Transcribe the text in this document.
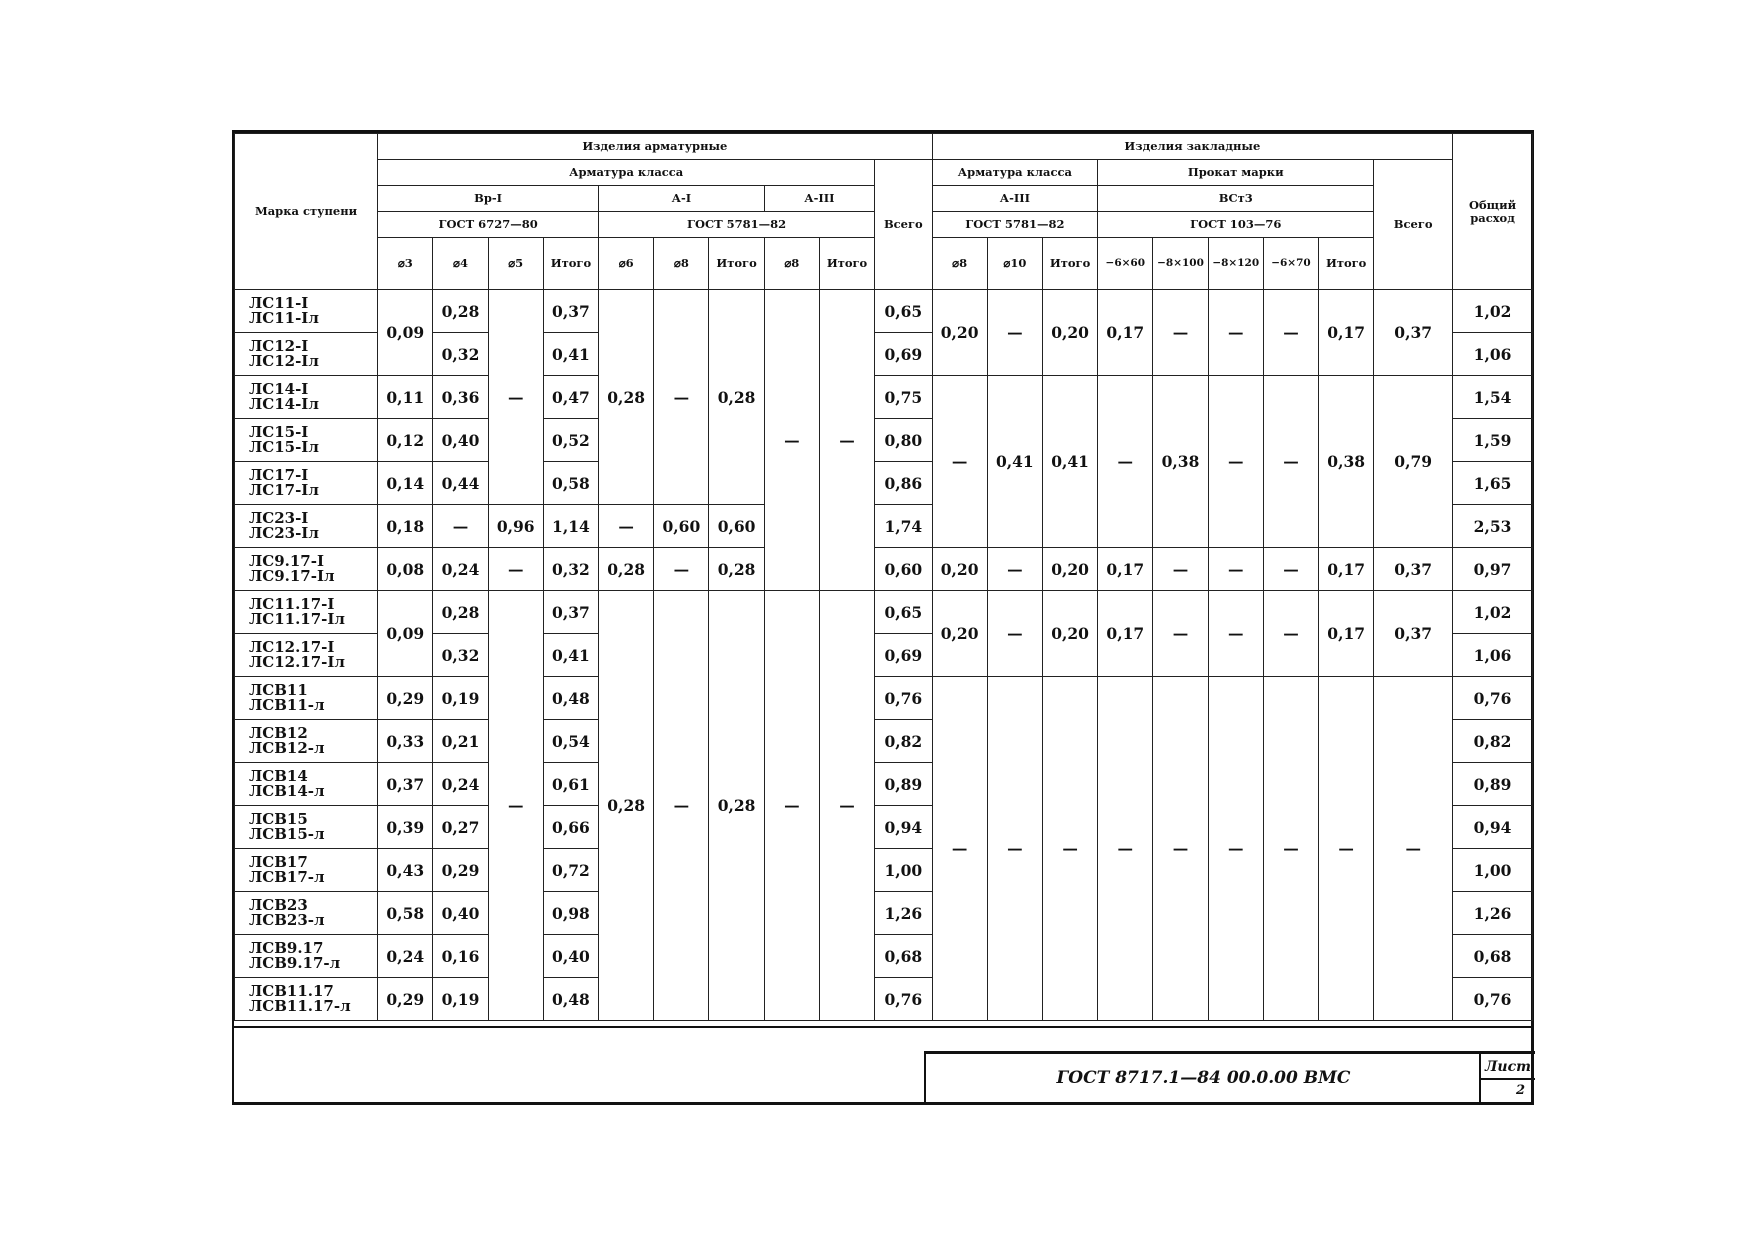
Марка ступени	Изделия арматурные										Изделия закладные									Общий расход
	Арматура класса									Всего	Арматура класса			Прокат марки					Всего	
	Вр-I				А-I			А-III			А-III			ВСт3						
	ГОСТ 6727—80				ГОСТ 5781—82						ГОСТ 5781—82			ГОСТ 103—76						
	⌀3	⌀4	⌀5	Итого	⌀6	⌀8	Итого	⌀8	Итого		⌀8	⌀10	Итого	−6×60	−8×100	−8×120	−6×70	Итого		

ЛС11-I
ЛС11-Iл	0,09	0,28	—	0,37	0,28	—	0,28	—	—	0,65	0,20	—	0,20	0,17	—	—	—	0,17	0,37	1,02

ЛС12-I
ЛС12-Iл		0,32		0,41						0,69										1,06

ЛС14-I
ЛС14-Iл	0,11	0,36		0,47						0,75	—	0,41	0,41	—	0,38	—	—	0,38	0,79	1,54

ЛС15-I
ЛС15-Iл	0,12	0,40		0,52						0,80										1,59

ЛС17-I
ЛС17-Iл	0,14	0,44		0,58						0,86										1,65

ЛС23-I
ЛС23-Iл	0,18	—	0,96	1,14	—	0,60	0,60			1,74										2,53

ЛС9.17-I
ЛС9.17-Iл	0,08	0,24	—	0,32	0,28	—	0,28			0,60	0,20	—	0,20	0,17	—	—	—	0,17	0,37	0,97

ЛС11.17-I
ЛС11.17-Iл	0,09	0,28	—	0,37	0,28	—	0,28	—	—	0,65	0,20	—	0,20	0,17	—	—	—	0,17	0,37	1,02

ЛС12.17-I
ЛС12.17-Iл		0,32		0,41						0,69										1,06

ЛСВ11
ЛСВ11-л	0,29	0,19		0,48						0,76	—	—	—	—	—	—	—	—	—	0,76

ЛСВ12
ЛСВ12-л	0,33	0,21		0,54						0,82										0,82

ЛСВ14
ЛСВ14-л	0,37	0,24		0,61						0,89										0,89

ЛСВ15
ЛСВ15-л	0,39	0,27		0,66						0,94										0,94

ЛСВ17
ЛСВ17-л	0,43	0,29		0,72						1,00										1,00

ЛСВ23
ЛСВ23-л	0,58	0,40		0,98						1,26										1,26

ЛСВ9.17
ЛСВ9.17-л	0,24	0,16		0,40						0,68										0,68

ЛСВ11.17
ЛСВ11.17-л	0,29	0,19		0,48						0,76										0,76
ГОСТ 8717.1—84 00.0.00 ВМС
Лист
2
